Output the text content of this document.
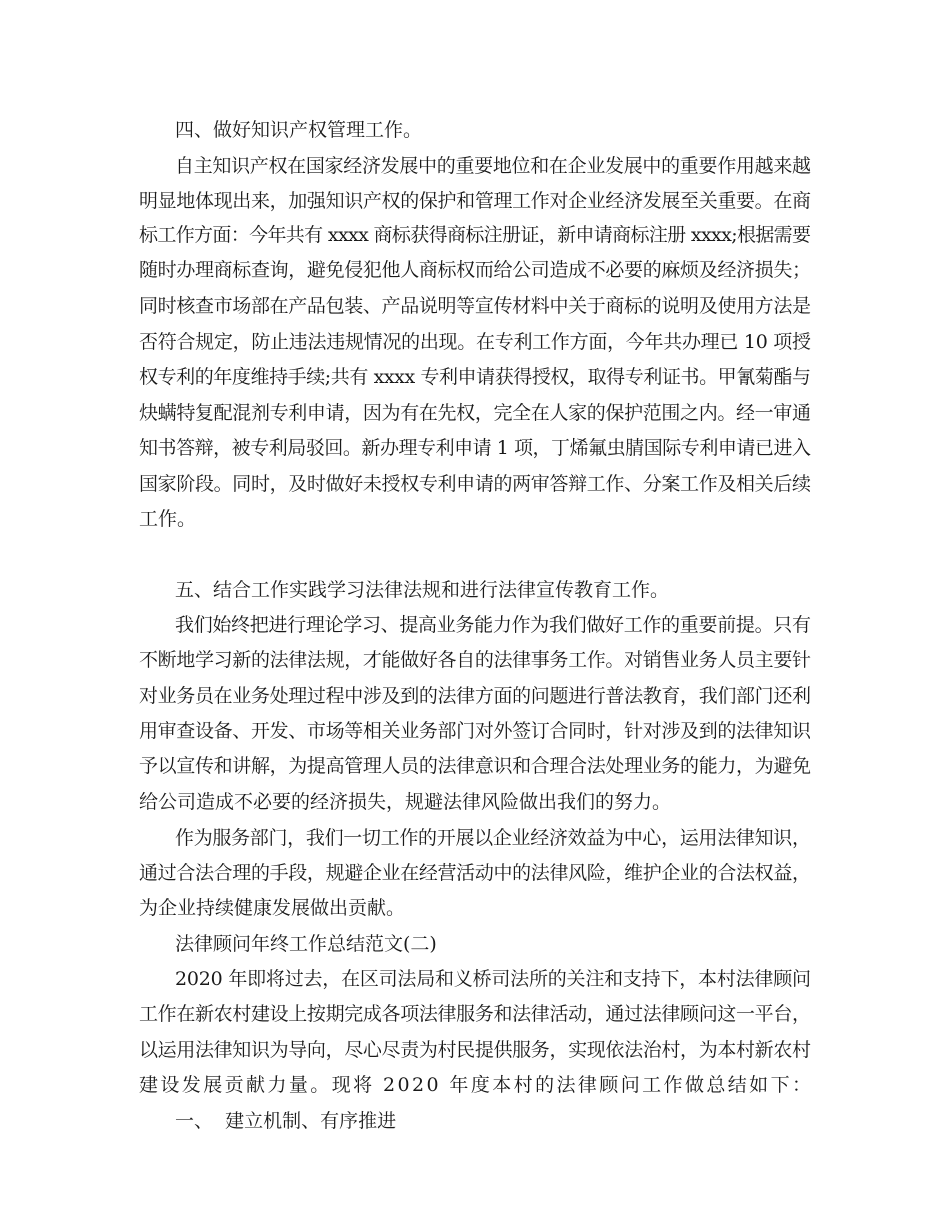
四、做好知识产权管理工作。
自主知识产权在国家经济发展中的重要地位和在企业发展中的重要作用越来越
明显地体现出来，加强知识产权的保护和管理工作对企业经济发展至关重要。在商
标工作方面：今年共有 xxxx 商标获得商标注册证，新申请商标注册 xxxx;根据需要
随时办理商标查询，避免侵犯他人商标权而给公司造成不必要的麻烦及经济损失；
同时核查市场部在产品包装、产品说明等宣传材料中关于商标的说明及使用方法是
否符合规定，防止违法违规情况的出现。在专利工作方面，今年共办理已 10 项授
权专利的年度维持手续;共有 xxxx 专利申请获得授权，取得专利证书。甲氰菊酯与
炔螨特复配混剂专利申请，因为有在先权，完全在人家的保护范围之内。经一审通
知书答辩，被专利局驳回。新办理专利申请 1 项，丁烯氟虫腈国际专利申请已进入
国家阶段。同时，及时做好未授权专利申请的两审答辩工作、分案工作及相关后续
工作。
五、结合工作实践学习法律法规和进行法律宣传教育工作。
我们始终把进行理论学习、提高业务能力作为我们做好工作的重要前提。只有
不断地学习新的法律法规，才能做好各自的法律事务工作。对销售业务人员主要针
对业务员在业务处理过程中涉及到的法律方面的问题进行普法教育，我们部门还利
用审查设备、开发、市场等相关业务部门对外签订合同时，针对涉及到的法律知识
予以宣传和讲解，为提高管理人员的法律意识和合理合法处理业务的能力，为避免
给公司造成不必要的经济损失，规避法律风险做出我们的努力。
作为服务部门，我们一切工作的开展以企业经济效益为中心，运用法律知识，
通过合法合理的手段，规避企业在经营活动中的法律风险，维护企业的合法权益，
为企业持续健康发展做出贡献。
法律顾问年终工作总结范文(二)
2020 年即将过去，在区司法局和义桥司法所的关注和支持下，本村法律顾问
工作在新农村建设上按期完成各项法律服务和法律活动，通过法律顾问这一平台，
以运用法律知识为导向，尽心尽责为村民提供服务，实现依法治村，为本村新农村
建设发展贡献力量。现将 2020 年度本村的法律顾问工作做总结如下：
一、  建立机制、有序推进
